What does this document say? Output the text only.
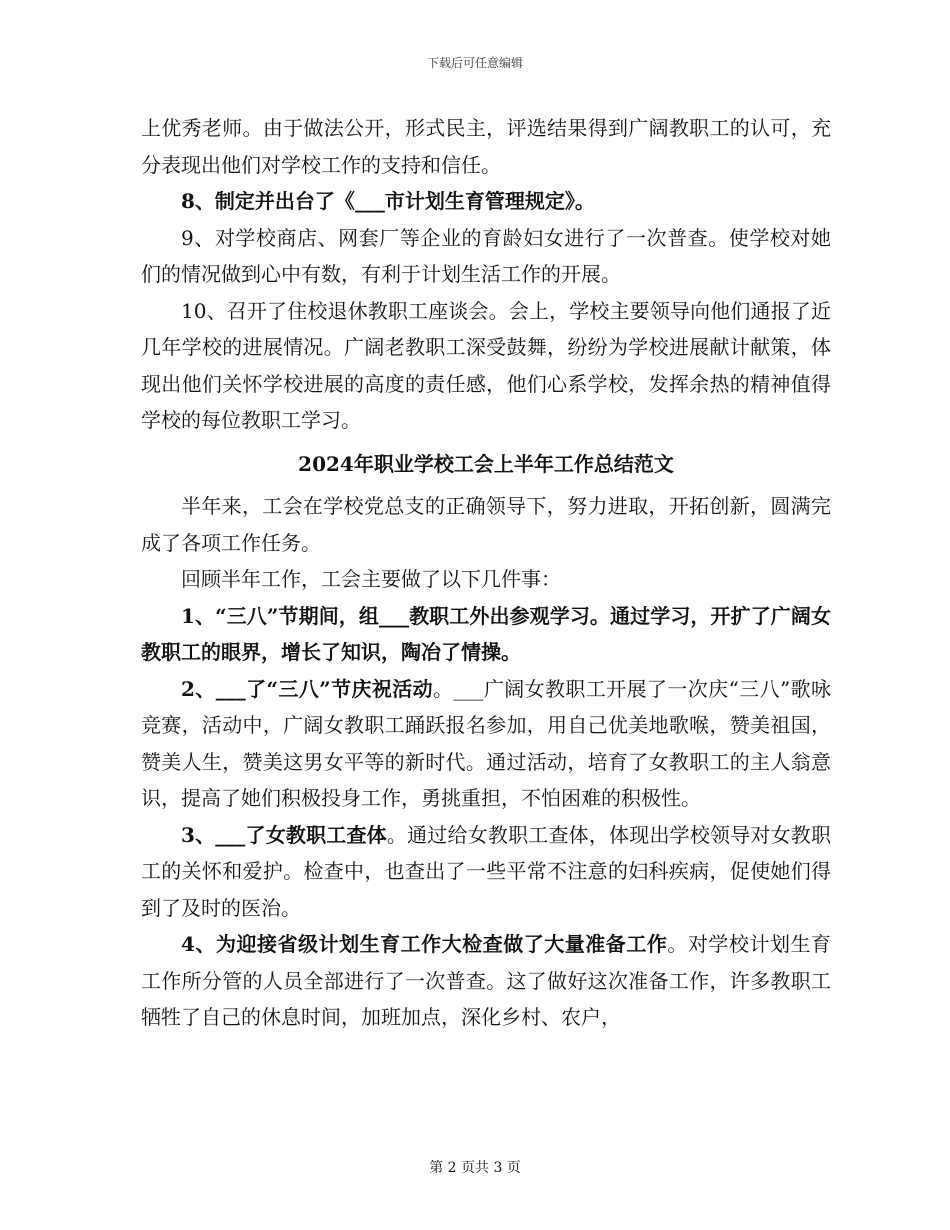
下载后可任意编辑

上优秀老师。由于做法公开，形式民主，评选结果得到广阔教职工的认可，充分表现出他们对学校工作的支持和信任。

8、制定并出台了《___市计划生育管理规定》。

9、对学校商店、网套厂等企业的育龄妇女进行了一次普查。使学校对她们的情况做到心中有数，有利于计划生活工作的开展。

10、召开了住校退休教职工座谈会。会上，学校主要领导向他们通报了近几年学校的进展情况。广阔老教职工深受鼓舞，纷纷为学校进展献计献策，体现出他们关怀学校进展的高度的责任感，他们心系学校，发挥余热的精神值得学校的每位教职工学习。

2024年职业学校工会上半年工作总结范文

半年来，工会在学校党总支的正确领导下，努力进取，开拓创新，圆满完成了各项工作任务。

回顾半年工作，工会主要做了以下几件事：

1、“三八”节期间，组___教职工外出参观学习。通过学习，开扩了广阔女教职工的眼界，增长了知识，陶冶了情操。

2、___了“三八”节庆祝活动。___广阔女教职工开展了一次庆“三八”歌咏竞赛，活动中，广阔女教职工踊跃报名参加，用自己优美地歌喉，赞美祖国，赞美人生，赞美这男女平等的新时代。通过活动，培育了女教职工的主人翁意识，提高了她们积极投身工作，勇挑重担，不怕困难的积极性。

3、___了女教职工查体。通过给女教职工查体，体现出学校领导对女教职工的关怀和爱护。检查中，也查出了一些平常不注意的妇科疾病，促使她们得到了及时的医治。

4、为迎接省级计划生育工作大检查做了大量准备工作。对学校计划生育工作所分管的人员全部进行了一次普查。这了做好这次准备工作，许多教职工牺牲了自己的休息时间，加班加点，深化乡村、农户，

第 2 页共 3 页
